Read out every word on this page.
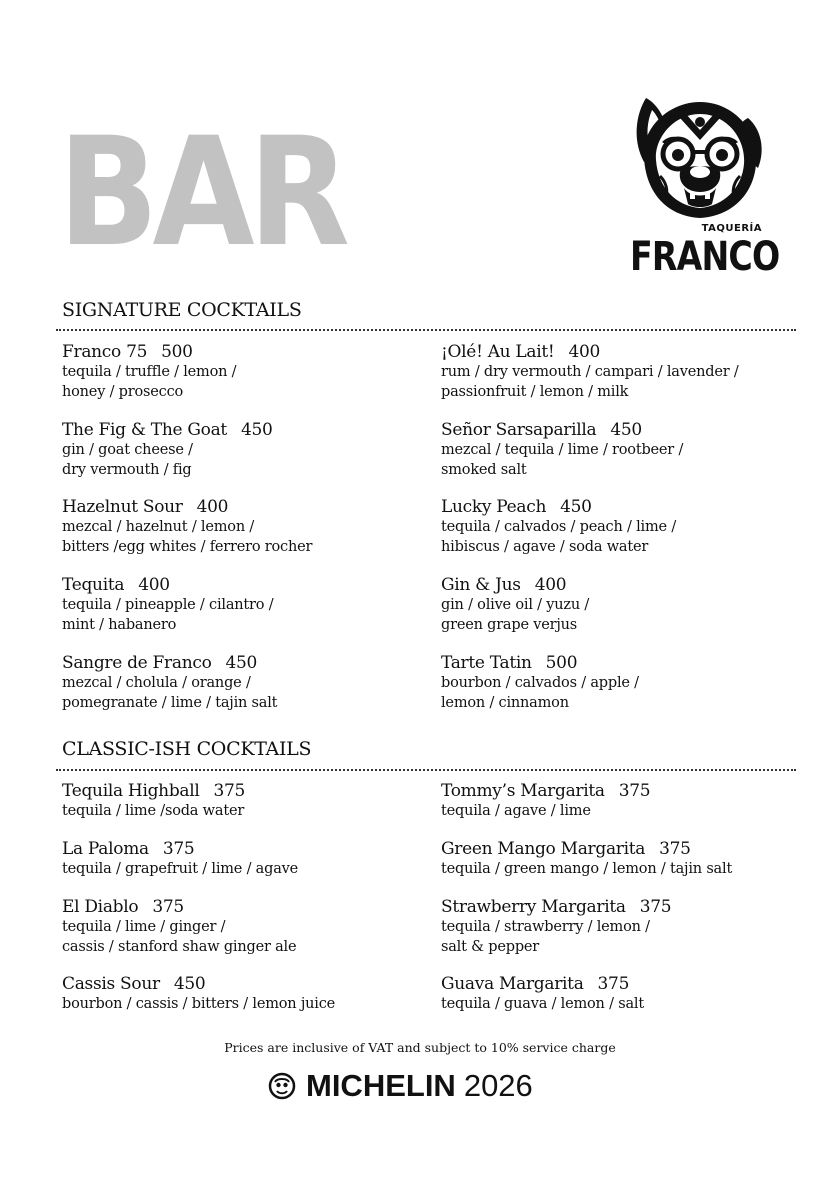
BAR	TAQUERÍA
FRANCO
SIGNATURE COCKTAILS
Franco 75 500
tequila / truffle / lemon /
honey / prosecco
The Fig & The Goat 450
gin / goat cheese /
dry vermouth / fig
Hazelnut Sour 400
mezcal / hazelnut / lemon /
bitters /egg whites / ferrero rocher
Tequita 400
tequila / pineapple / cilantro /
mint / habanero
Sangre de Franco 450
mezcal / cholula / orange /
pomegranate / lime / tajin salt
¡Olé! Au Lait! 400
rum / dry vermouth / campari / lavender /
passionfruit / lemon / milk
Señor Sarsaparilla 450
mezcal / tequila / lime / rootbeer /
smoked salt
Lucky Peach 450
tequila / calvados / peach / lime /
hibiscus / agave / soda water
Gin & Jus 400
gin / olive oil / yuzu /
green grape verjus
Tarte Tatin 500
bourbon / calvados / apple /
lemon / cinnamon
CLASSIC-ISH COCKTAILS
Tequila Highball 375
tequila / lime /soda water
La Paloma 375
tequila / grapefruit / lime / agave
El Diablo 375
tequila / lime / ginger /
cassis / stanford shaw ginger ale
Cassis Sour 450
bourbon / cassis / bitters / lemon juice
Tommy’s Margarita 375
tequila / agave / lime
Green Mango Margarita 375
tequila / green mango / lemon / tajin salt
Strawberry Margarita 375
tequila / strawberry / lemon /
salt & pepper
Guava Margarita 375
tequila / guava / lemon / salt
Prices are inclusive of VAT and subject to 10% service charge
MICHELIN 2026
